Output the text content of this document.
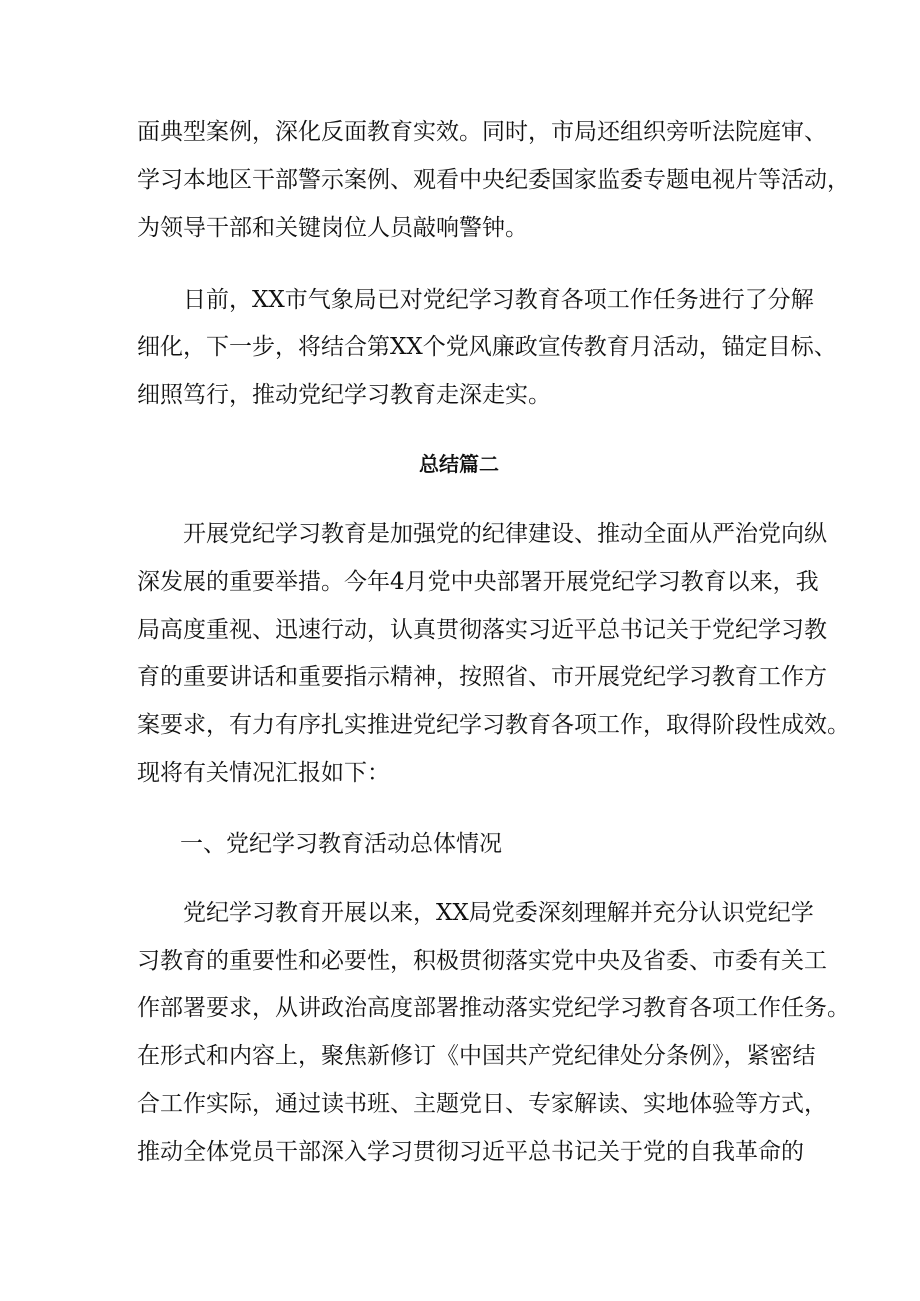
面典型案例，深化反面教育实效。同时，市局还组织旁听法院庭审、
学习本地区干部警示案例、观看中央纪委国家监委专题电视片等活动，
为领导干部和关键岗位人员敲响警钟。
日前，XX市气象局已对党纪学习教育各项工作任务进行了分解
细化，下一步，将结合第XX个党风廉政宣传教育月活动，锚定目标、
细照笃行，推动党纪学习教育走深走实。
总结篇二
开展党纪学习教育是加强党的纪律建设、推动全面从严治党向纵
深发展的重要举措。今年4月党中央部署开展党纪学习教育以来，我
局高度重视、迅速行动，认真贯彻落实习近平总书记关于党纪学习教
育的重要讲话和重要指示精神，按照省、市开展党纪学习教育工作方
案要求，有力有序扎实推进党纪学习教育各项工作，取得阶段性成效。
现将有关情况汇报如下：
一、党纪学习教育活动总体情况
党纪学习教育开展以来，XX局党委深刻理解并充分认识党纪学
习教育的重要性和必要性，积极贯彻落实党中央及省委、市委有关工
作部署要求，从讲政治高度部署推动落实党纪学习教育各项工作任务。
在形式和内容上，聚焦新修订《中国共产党纪律处分条例》，紧密结
合工作实际，通过读书班、主题党日、专家解读、实地体验等方式，
推动全体党员干部深入学习贯彻习近平总书记关于党的自我革命的
